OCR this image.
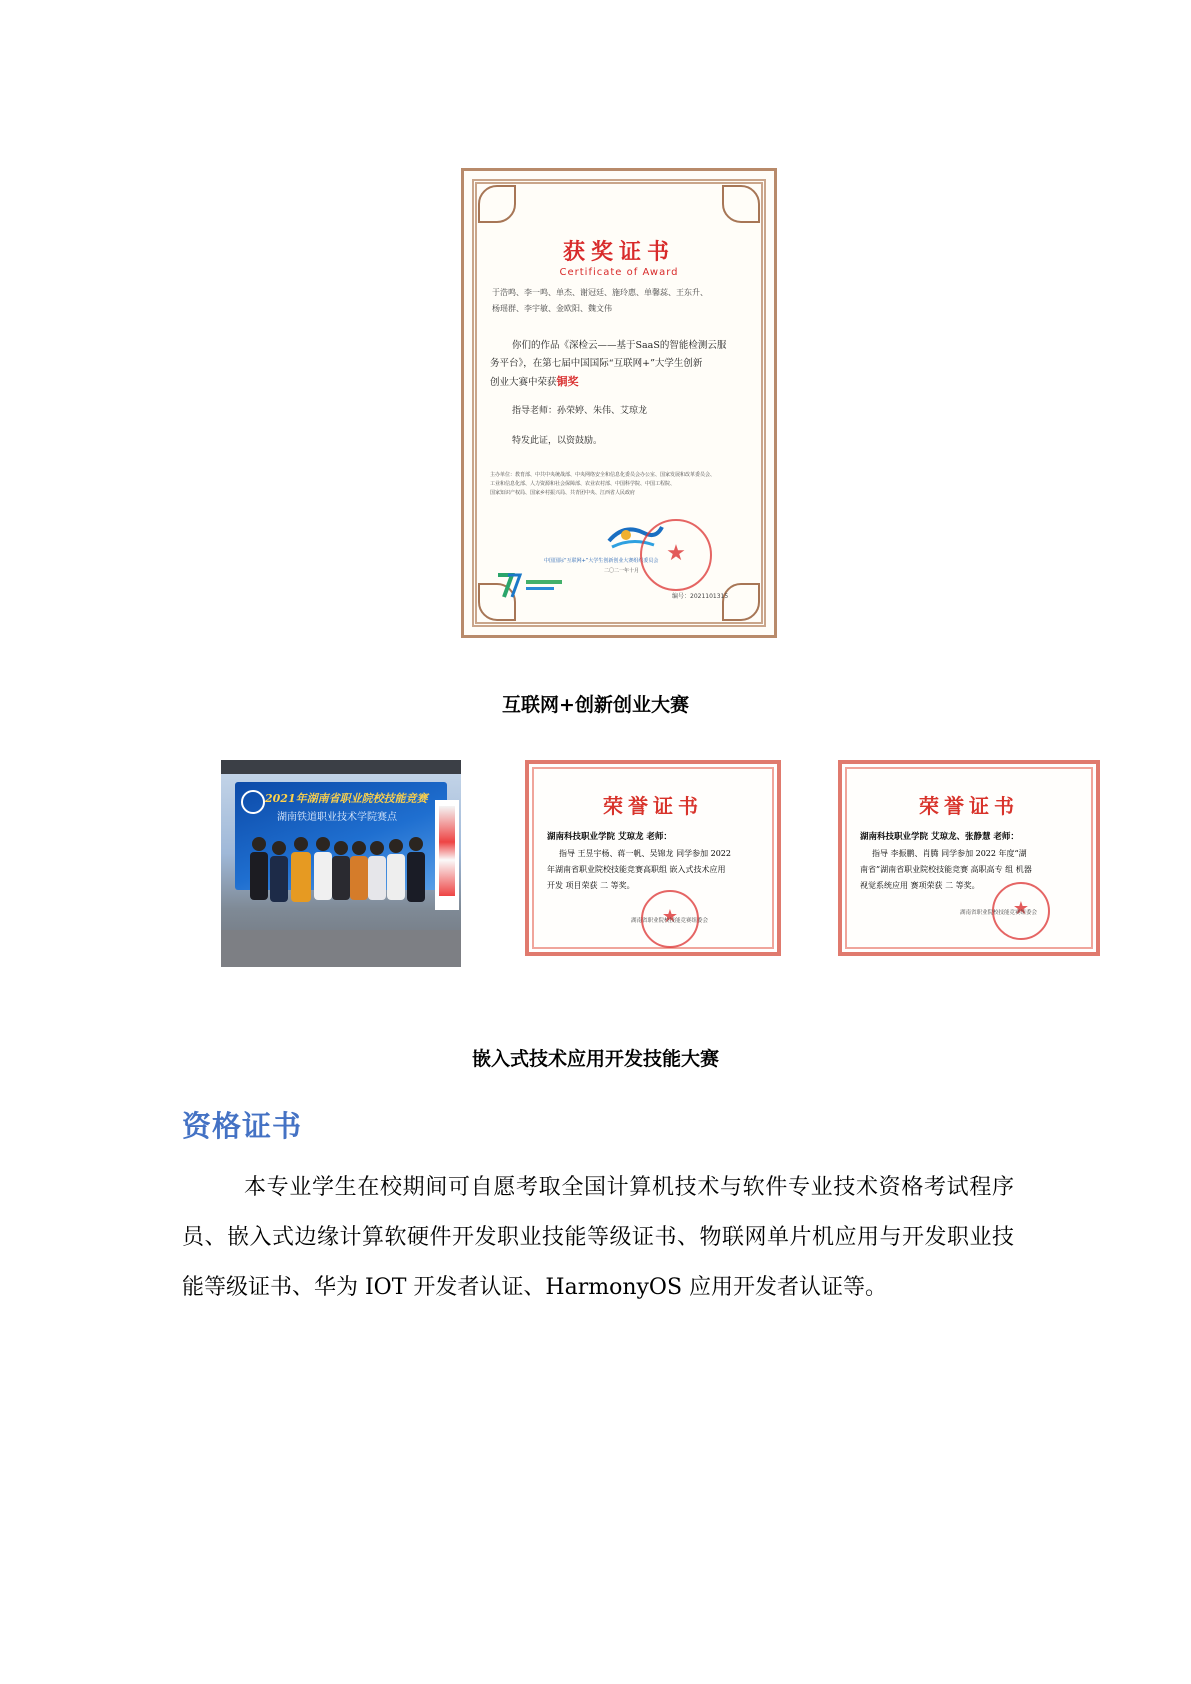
获奖证书
Certificate of Award
于浩鸣、李一鸣、单杰、谢冠廷、施玲惠、单馨蕊、王东升、
杨瑶群、李宇敏、金欧阳、魏文伟
你们的作品《深检云——基于SaaS的智能检测云服
务平台》，在第七届中国国际“互联网+”大学生创新
创业大赛中荣获铜奖
指导老师：孙荣婷、朱伟、艾琼龙
特发此证，以资鼓励。
主办单位：教育部、中共中央统战部、中央网络安全和信息化委员会办公室、国家发展和改革委员会、
工业和信息化部、人力资源和社会保障部、农业农村部、中国科学院、中国工程院、
国家知识产权局、国家乡村振兴局、共青团中央、江西省人民政府
中国国际“互联网+”大学生创新创业大赛组织委员会
二〇二一年十月
★
编号：2021101315
互联网+创新创业大赛
2021年湖南省职业院校技能竞赛
湖南铁道职业技术学院赛点	荣誉证书
湖南科技职业学院 艾琼龙 老师：
指导 王昱宇杨、蒋一帆、吴锦龙 同学参加 2022
年湖南省职业院校技能竞赛高职组 嵌入式技术应用
开发 项目荣获 二 等奖。
★
湖南省职业院校技能竞赛组委会
荣誉证书
湖南科技职业学院 艾琼龙、张静慧 老师：
指导 李振鹏、肖腾 同学参加 2022 年度“湖
南省”湖南省职业院校技能竞赛 高职高专 组 机器
视觉系统应用 赛项荣获 二 等奖。
★
湖南省职业院校技能竞赛组委会
嵌入式技术应用开发技能大赛
资格证书
本专业学生在校期间可自愿考取全国计算机技术与软件专业技术资格考试程序员、嵌入式边缘计算软硬件开发职业技能等级证书、物联网单片机应用与开发职业技能等级证书、华为 IOT 开发者认证、HarmonyOS 应用开发者认证等。
